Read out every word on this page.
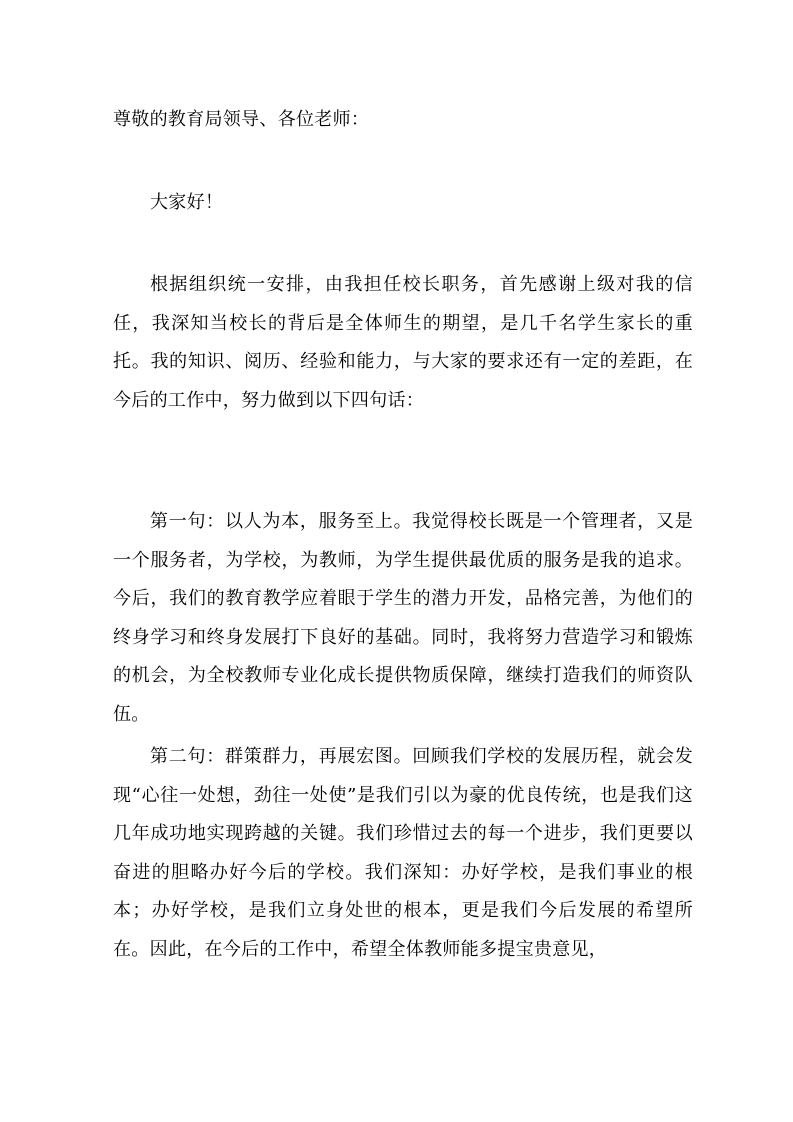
尊敬的教育局领导、各位老师：

大家好！

根据组织统一安排，由我担任校长职务，首先感谢上级对我的信任，我深知当校长的背后是全体师生的期望，是几千名学生家长的重托。我的知识、阅历、经验和能力，与大家的要求还有一定的差距，在今后的工作中，努力做到以下四句话：

第一句：以人为本，服务至上。我觉得校长既是一个管理者，又是一个服务者，为学校，为教师，为学生提供最优质的服务是我的追求。今后，我们的教育教学应着眼于学生的潜力开发，品格完善，为他们的终身学习和终身发展打下良好的基础。同时，我将努力营造学习和锻炼的机会，为全校教师专业化成长提供物质保障，继续打造我们的师资队伍。

第二句：群策群力，再展宏图。回顾我们学校的发展历程，就会发现“心往一处想，劲往一处使”是我们引以为豪的优良传统，也是我们这几年成功地实现跨越的关键。我们珍惜过去的每一个进步，我们更要以奋进的胆略办好今后的学校。我们深知：办好学校，是我们事业的根本；办好学校，是我们立身处世的根本，更是我们今后发展的希望所在。因此，在今后的工作中，希望全体教师能多提宝贵意见，
